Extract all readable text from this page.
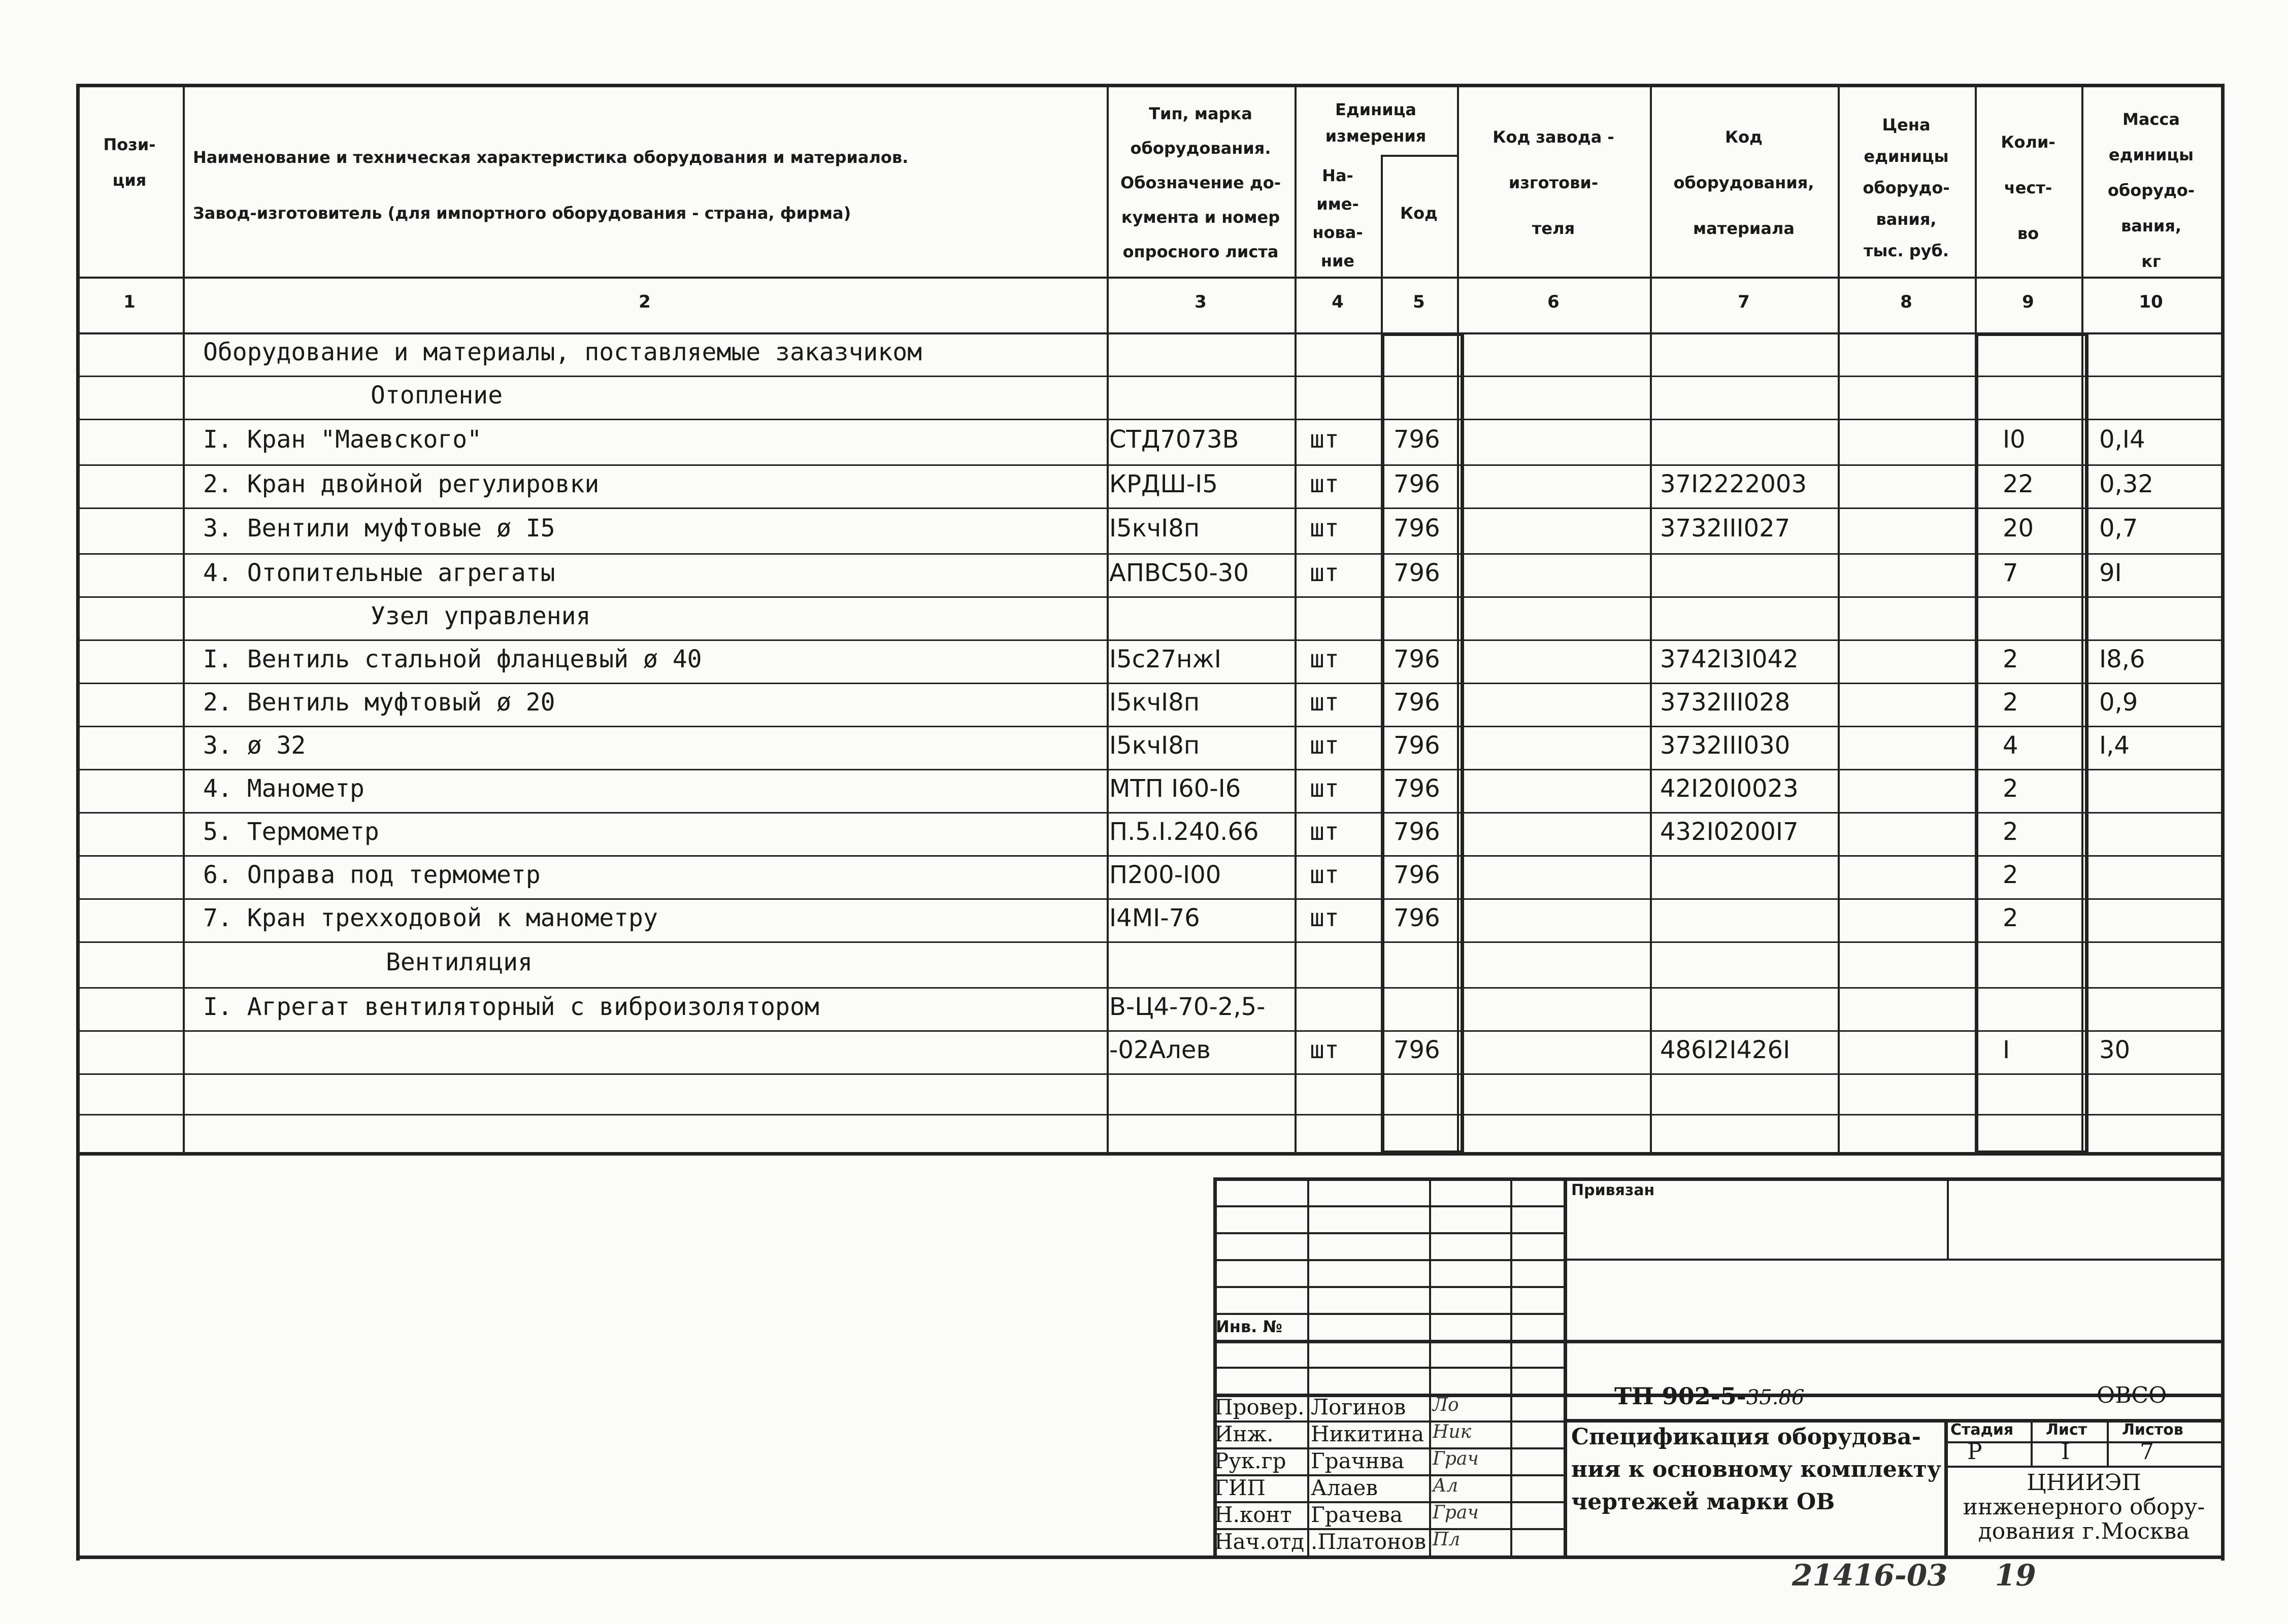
Пози-
ция
Наименование и техническая характеристика оборудования и материалов.
Завод-изготовитель (для импортного оборудования - страна, фирма)
Тип, марка
оборудования.
Обозначение до-
кумента и номер
опросного листа
Единица
измерения
На-
име-
нова-
ние
Код
Код завода -
изготови-
теля
Код
оборудования,
материала
Цена
единицы
оборудо-
вания,
тыс. руб.
Коли-
чест-
во
Масса
единицы
оборудо-
вания,
кг
1	2	3	4	5	6	7	8	9	10
Оборудование и материалы, поставляемые заказчиком
Отопление
I. Кран "Маевского"	СТД7073В	шт 796	I0	0,I4
2. Кран двойной регулировки	КРДШ-I5	шт 796	37I2222003	22	0,32
3. Вентили муфтовые ø I5	I5кчI8п	шт 796	3732III027	20	0,7
4. Отопительные агрегаты	АПВС50-30	шт 796	7	9I
Узел управления
I. Вентиль стальной фланцевый ø 40	I5с27нжI	шт 796	3742I3I042	2	I8,6
2. Вентиль муфтовый ø 20	I5кчI8п	шт 796	3732III028	2	0,9
3. ø 32	I5кчI8п	шт 796	3732III030	4	I,4
4. Манометр	МТП I60-I6	шт 796	42I20I0023	2
5. Термометр	П.5.I.240.66 шт 796	432I0200I7	2
6. Оправа под термометр	П200-I00	шт 796	2
7. Кран трехходовой к манометру	I4MI-76	шт 796	2
Вентиляция
I. Агрегат вентиляторный с виброизолятором	В-Ц4-70-2,5-
-02Алев	шт 796	486I2I426I	I	30
Привязан
Инв. №
ТП 902-5-35.86	ОВСО
Спецификация оборудова-
ния к основному комплекту
чертежей марки ОВ
Стадия Лист Листов
Р	I	7
ЦНИИЭП
инженерного обору-
дования г.Москва
Провер. Логинов Ло
Инж. Никитина Ник
Рук.гр Грачнва Грач
ГИП Алаев	Ал
Н.конт Грачева Грач
Нач.отд .Платонов Пл
21416-03 19
